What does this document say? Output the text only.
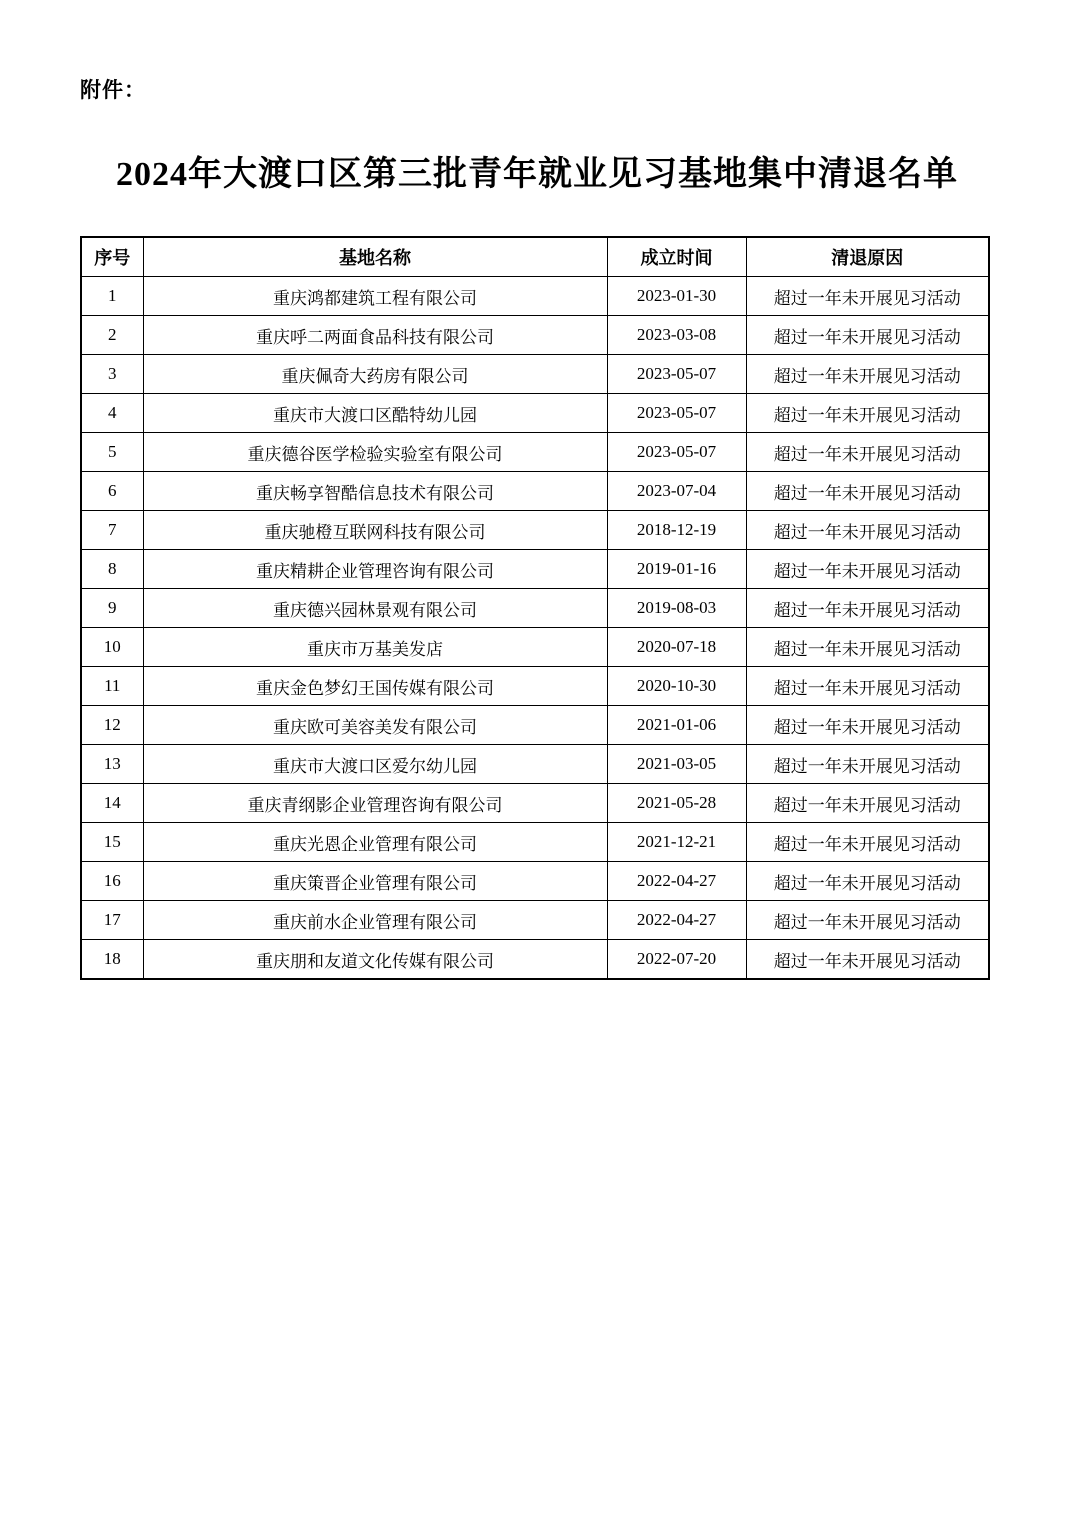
附件：
2024年大渡口区第三批青年就业见习基地集中清退名单
序号	基地名称	成立时间	清退原因
1	重庆鸿都建筑工程有限公司	2023-01-30	超过一年未开展见习活动
2	重庆呼二两面食品科技有限公司	2023-03-08	超过一年未开展见习活动
3	重庆佩奇大药房有限公司	2023-05-07	超过一年未开展见习活动
4	重庆市大渡口区酷特幼儿园	2023-05-07	超过一年未开展见习活动
5	重庆德谷医学检验实验室有限公司	2023-05-07	超过一年未开展见习活动
6	重庆畅享智酷信息技术有限公司	2023-07-04	超过一年未开展见习活动
7	重庆驰橙互联网科技有限公司	2018-12-19	超过一年未开展见习活动
8	重庆精耕企业管理咨询有限公司	2019-01-16	超过一年未开展见习活动
9	重庆德兴园林景观有限公司	2019-08-03	超过一年未开展见习活动
10	重庆市万基美发店	2020-07-18	超过一年未开展见习活动
11	重庆金色梦幻王国传媒有限公司	2020-10-30	超过一年未开展见习活动
12	重庆欧可美容美发有限公司	2021-01-06	超过一年未开展见习活动
13	重庆市大渡口区爱尔幼儿园	2021-03-05	超过一年未开展见习活动
14	重庆青纲影企业管理咨询有限公司	2021-05-28	超过一年未开展见习活动
15	重庆光恩企业管理有限公司	2021-12-21	超过一年未开展见习活动
16	重庆策晋企业管理有限公司	2022-04-27	超过一年未开展见习活动
17	重庆前水企业管理有限公司	2022-04-27	超过一年未开展见习活动
18	重庆朋和友道文化传媒有限公司	2022-07-20	超过一年未开展见习活动
